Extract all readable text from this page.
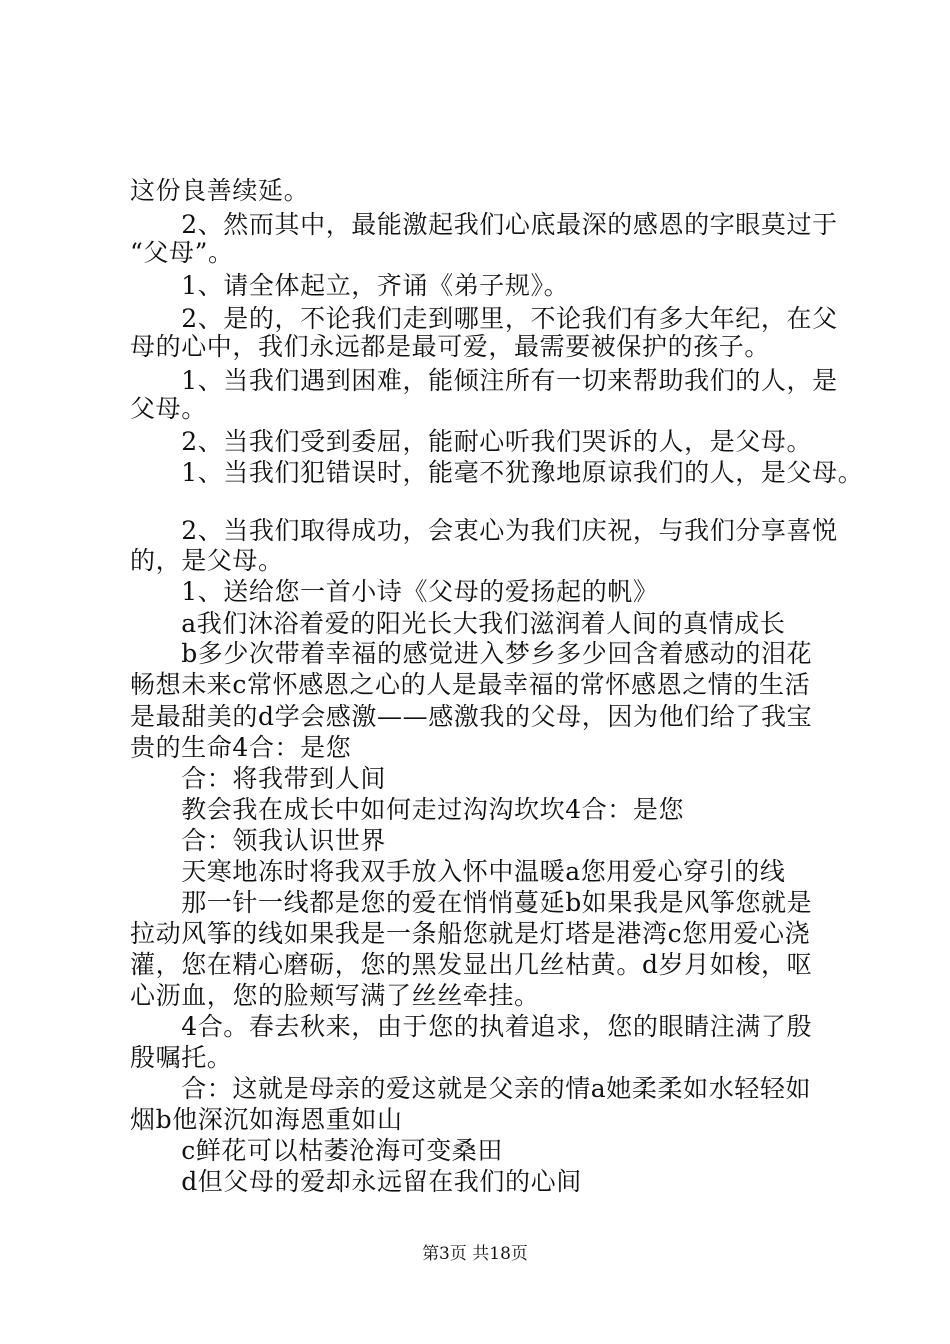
这份良善续延。
　　2、然而其中，最能激起我们心底最深的感恩的字眼莫过于
“父母”。
　　1、请全体起立，齐诵《弟子规》。
　　2、是的，不论我们走到哪里，不论我们有多大年纪，在父
母的心中，我们永远都是最可爱，最需要被保护的孩子。
　　1、当我们遇到困难，能倾注所有一切来帮助我们的人，是
父母。
　　2、当我们受到委屈，能耐心听我们哭诉的人，是父母。
　　1、当我们犯错误时，能毫不犹豫地原谅我们的人，是父母。
　　2、当我们取得成功，会衷心为我们庆祝，与我们分享喜悦
的，是父母。
　　1、送给您一首小诗《父母的爱扬起的帆》
　　a我们沐浴着爱的阳光长大我们滋润着人间的真情成长
　　b多少次带着幸福的感觉进入梦乡多少回含着感动的泪花
畅想未来c常怀感恩之心的人是最幸福的常怀感恩之情的生活
是最甜美的d学会感激——感激我的父母，因为他们给了我宝
贵的生命4合：是您
　　合：将我带到人间
　　教会我在成长中如何走过沟沟坎坎4合：是您
　　合：领我认识世界
　　天寒地冻时将我双手放入怀中温暖a您用爱心穿引的线
　　那一针一线都是您的爱在悄悄蔓延b如果我是风筝您就是
拉动风筝的线如果我是一条船您就是灯塔是港湾c您用爱心浇
灌，您在精心磨砺，您的黑发显出几丝枯黄。d岁月如梭，呕
心沥血，您的脸颊写满了丝丝牵挂。
　　4合。春去秋来，由于您的执着追求，您的眼睛注满了殷
殷嘱托。
　　合：这就是母亲的爱这就是父亲的情a她柔柔如水轻轻如
烟b他深沉如海恩重如山
　　c鲜花可以枯萎沧海可变桑田
　　d但父母的爱却永远留在我们的心间
第3页 共18页
